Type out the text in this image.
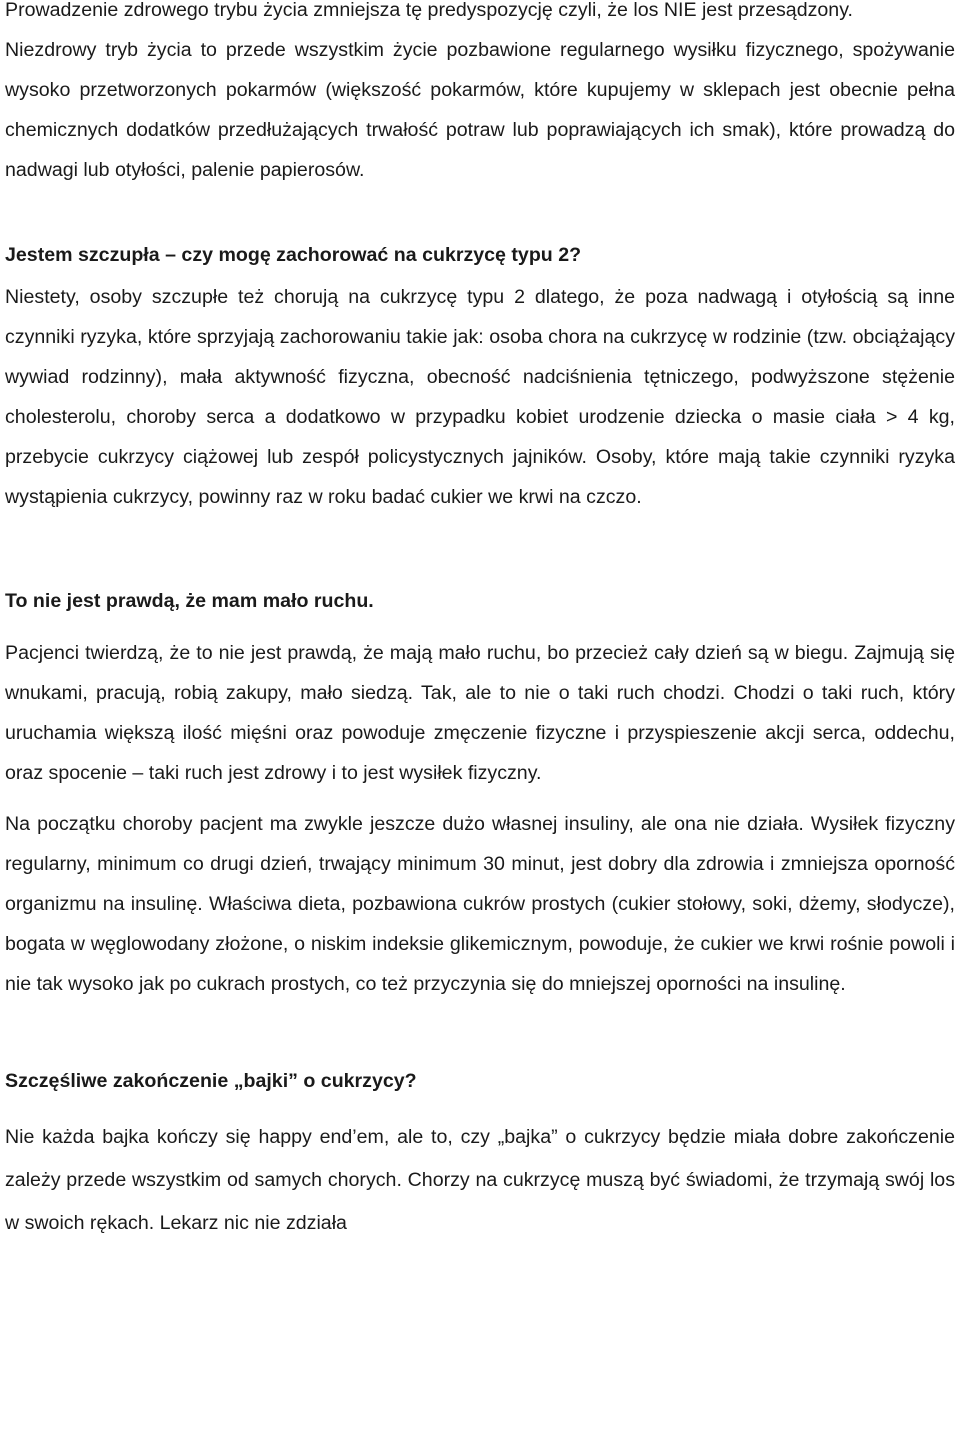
Prowadzenie zdrowego trybu życia zmniejsza tę predyspozycję czyli, że los NIE jest przesądzony.

Niezdrowy tryb życia to przede wszystkim życie pozbawione regularnego wysiłku fizycznego, spożywanie wysoko przetworzonych pokarmów (większość pokarmów, które kupujemy w sklepach jest obecnie pełna chemicznych dodatków przedłużających trwałość potraw lub poprawiających ich smak), które prowadzą do nadwagi lub otyłości, palenie papierosów.

Jestem szczupła – czy mogę zachorować na cukrzycę typu 2?

Niestety, osoby szczupłe też chorują na cukrzycę typu 2 dlatego, że poza nadwagą i otyłością są inne czynniki ryzyka, które sprzyjają zachorowaniu takie jak: osoba chora na cukrzycę w rodzinie (tzw. obciążający wywiad rodzinny), mała aktywność fizyczna, obecność nadciśnienia tętniczego, podwyższone stężenie cholesterolu, choroby serca a dodatkowo w przypadku kobiet urodzenie dziecka o masie ciała > 4 kg, przebycie cukrzycy ciążowej lub zespół policystycznych jajników. Osoby, które mają takie czynniki ryzyka wystąpienia cukrzycy, powinny raz w roku badać cukier we krwi na czczo.

To nie jest prawdą, że mam mało ruchu.

Pacjenci twierdzą, że to nie jest prawdą, że mają mało ruchu, bo przecież cały dzień są w biegu. Zajmują się wnukami, pracują, robią zakupy, mało siedzą. Tak, ale to nie o taki ruch chodzi. Chodzi o taki ruch, który uruchamia większą ilość mięśni oraz powoduje zmęczenie fizyczne i przyspieszenie akcji serca, oddechu, oraz spocenie – taki ruch jest zdrowy i to jest wysiłek fizyczny.

Na początku choroby pacjent ma zwykle jeszcze dużo własnej insuliny, ale ona nie działa. Wysiłek fizyczny regularny, minimum co drugi dzień, trwający minimum 30 minut, jest dobry dla zdrowia i zmniejsza oporność organizmu na insulinę. Właściwa dieta, pozbawiona cukrów prostych (cukier stołowy, soki, dżemy, słodycze), bogata w węglowodany złożone, o niskim indeksie glikemicznym, powoduje, że cukier we krwi rośnie powoli i nie tak wysoko jak po cukrach prostych, co też przyczynia się do mniejszej oporności na insulinę.

Szczęśliwe zakończenie „bajki” o cukrzycy?

Nie każda bajka kończy się happy end’em, ale to, czy „bajka” o cukrzycy będzie miała dobre zakończenie zależy przede wszystkim od samych chorych. Chorzy na cukrzycę muszą być świadomi, że trzymają swój los w swoich rękach. Lekarz nic nie zdziała
